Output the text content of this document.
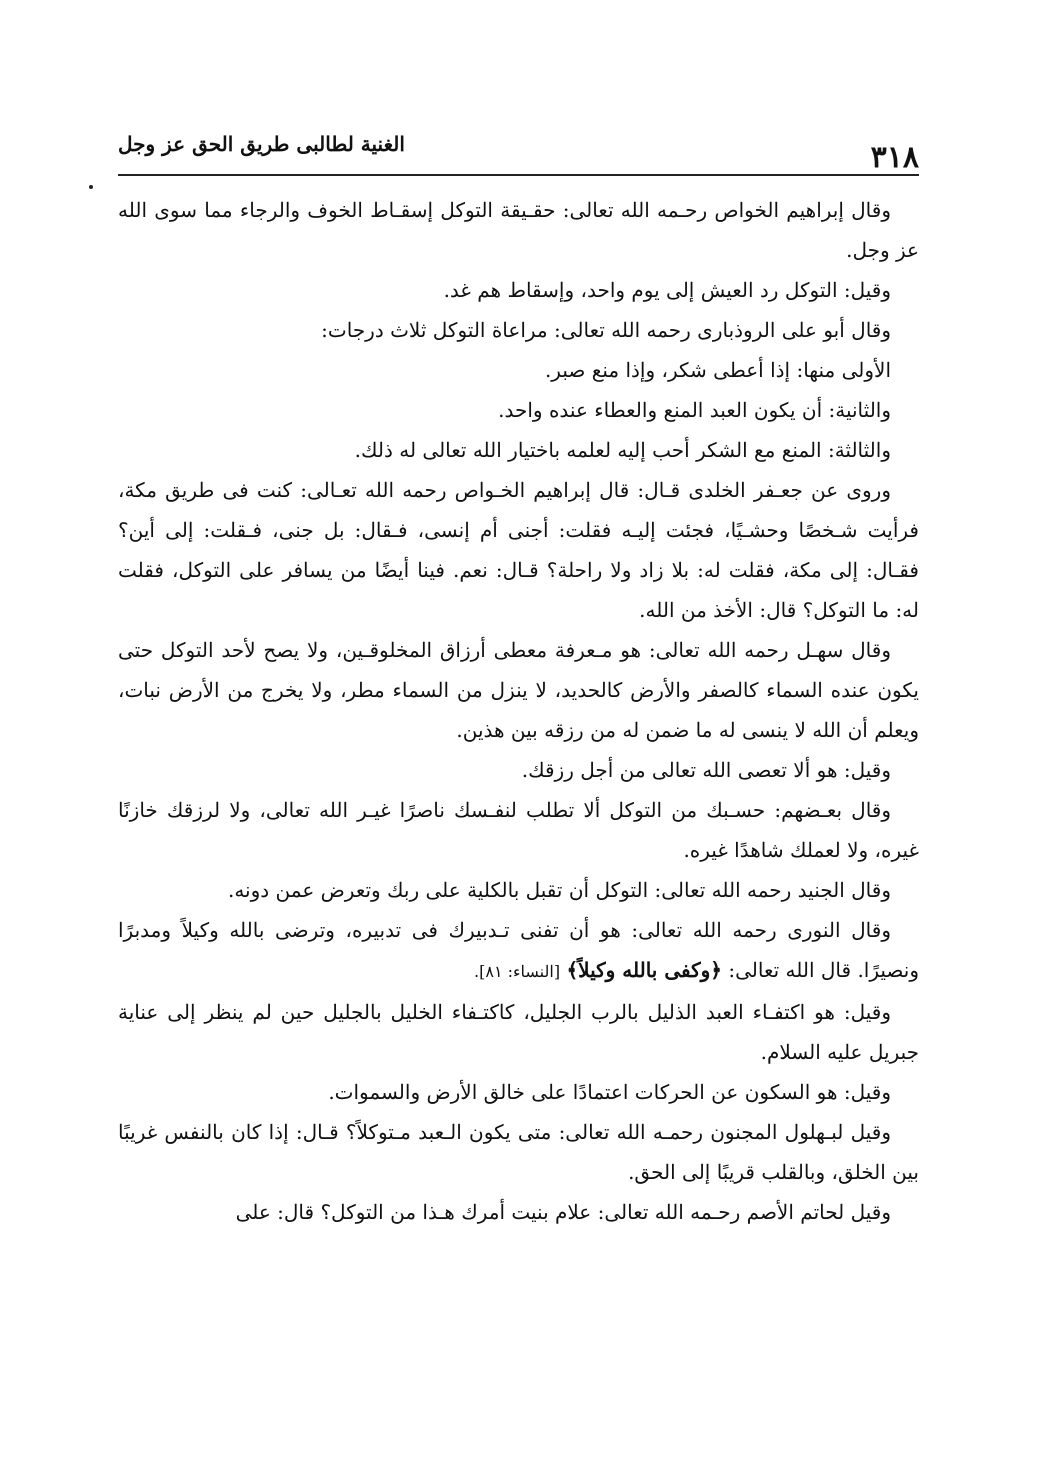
٣١٨
الغنية لطالبى طريق الحق عز وجل

وقال إبراهيم الخواص رحـمه الله تعالى: حقـيقة التوكل إسقـاط الخوف والرجاء مما سوى الله عز وجل.

وقيل: التوكل رد العيش إلى يوم واحد، وإسقاط هم غد.

وقال أبو على الروذبارى رحمه الله تعالى: مراعاة التوكل ثلاث درجات:

الأولى منها: إذا أعطى شكر، وإذا منع صبر.

والثانية: أن يكون العبد المنع والعطاء عنده واحد.

والثالثة: المنع مع الشكر أحب إليه لعلمه باختيار الله تعالى له ذلك.

وروى عن جعـفر الخلدى قـال: قال إبراهيم الخـواص رحمه الله تعـالى: كنت فى طريق مكة، فرأيت شـخصًا وحشـيًا، فجئت إليـه فقلت: أجنى أم إنسى، فـقال: بل جنى، فـقلت: إلى أين؟ فقـال: إلى مكة، فقلت له: بلا زاد ولا راحلة؟ قـال: نعم. فينا أيضًا من يسافر على التوكل، فقلت له: ما التوكل؟ قال: الأخذ من الله.

وقال سهـل رحمه الله تعالى: هو مـعرفة معطى أرزاق المخلوقـين، ولا يصح لأحد التوكل حتى يكون عنده السماء كالصفر والأرض كالحديد، لا ينزل من السماء مطر، ولا يخرج من الأرض نبات، ويعلم أن الله لا ينسى له ما ضمن له من رزقه بين هذين.

وقيل: هو ألا تعصى الله تعالى من أجل رزقك.

وقال بعـضهم: حسـبك من التوكل ألا تطلب لنفـسك ناصرًا غيـر الله تعالى، ولا لرزقك خازنًا غيره، ولا لعملك شاهدًا غيره.

وقال الجنيد رحمه الله تعالى: التوكل أن تقبل بالكلية على ربك وتعرض عمن دونه.

وقال النورى رحمه الله تعالى: هو أن تفنى تـدبيرك فى تدبيره، وترضى بالله وكيلاً ومدبرًا ونصيرًا. قال الله تعالى: ﴿وكفى بالله وكيلاً﴾ [النساء: ٨١].

وقيل: هو اكتفـاء العبد الذليل بالرب الجليل، كاكتـفاء الخليل بالجليل حين لم ينظر إلى عناية جبريل عليه السلام.

وقيل: هو السكون عن الحركات اعتمادًا على خالق الأرض والسموات.

وقيل لبـهلول المجنون رحمـه الله تعالى: متى يكون الـعبد مـتوكلاً؟ قـال: إذا كان بالنفس غريبًا بين الخلق، وبالقلب قريبًا إلى الحق.

وقيل لحاتم الأصم رحـمه الله تعالى: علام بنيت أمرك هـذا من التوكل؟ قال: على
